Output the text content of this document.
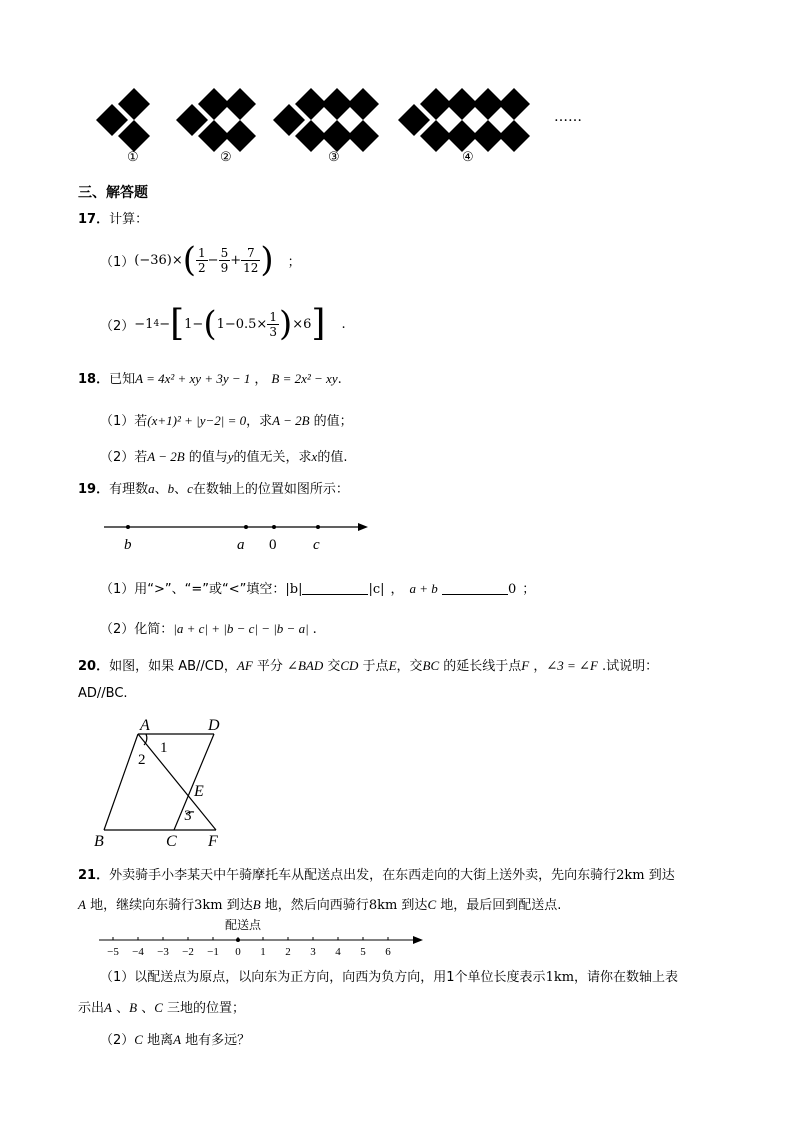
①	②	③	④
……
三、解答题
17．计算：
（1） (−36)× ( $\frac{1}{2} - \frac{5}{9} + \frac{7}{12}$ ) ；
（2） −1 4 − [ 1− ( $1-0.5\times \frac{1}{3}$ ) ×6 ] .
18．已知A = 4x² + xy + 3y − 1 ， B = 2x² − xy.
（1）若(x+1)² + |y−2| = 0，求A − 2B 的值；
（2）若A − 2B 的值与y的值无关，求x的值.
19．有理数a、b、c在数轴上的位置如图所示：
b	a 0 c
（1）用“>”、“=”或“<”填空：|b|	|c| ， a + b	0 ；
（2）化简：|a + c| + |b − c| − |b − a| .
20．如图，如果 AB//CD，AF 平分 ∠BAD 交CD 于点E，交BC 的延长线于点F ，∠3 = ∠F .试说明：
AD//BC.
A	D
B	C F
E
1
2
3
21．外卖骑手小李某天中午骑摩托车从配送点出发，在东西走向的大街上送外卖，先向东骑行2km 到达
A 地，继续向东骑行3km 到达B 地，然后向西骑行8km 到达C 地，最后回到配送点.
配送点
−5 −4 −3 −2 −1 0 1 2 3 4 5 6
（1）以配送点为原点，以向东为正方向，向西为负方向，用1个单位长度表示1km，请你在数轴上表
示出A 、B 、C 三地的位置；
（2）C 地离A 地有多远？
